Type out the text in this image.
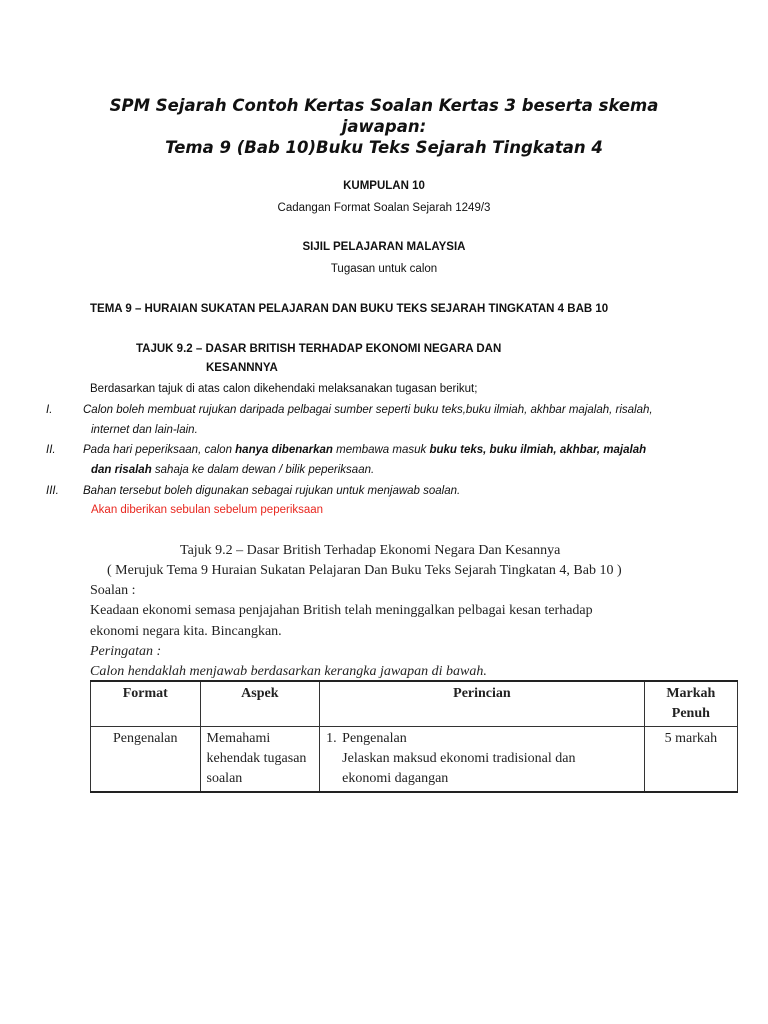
SPM Sejarah Contoh Kertas Soalan Kertas 3 beserta skema
jawapan:
Tema 9 (Bab 10)Buku Teks Sejarah Tingkatan 4
KUMPULAN 10
Cadangan Format Soalan Sejarah 1249/3
SIJIL PELAJARAN MALAYSIA
Tugasan untuk calon
TEMA 9 – HURAIAN SUKATAN PELAJARAN DAN BUKU TEKS SEJARAH TINGKATAN 4 BAB 10
TAJUK 9.2 – DASAR BRITISH TERHADAP EKONOMI NEGARA DAN
KESANNNYA
Berdasarkan tajuk di atas calon dikehendaki melaksanakan tugasan berikut;
I.	Calon boleh membuat rujukan daripada pelbagai sumber seperti buku teks,buku ilmiah, akhbar majalah, risalah,
internet dan lain-lain.
II. Pada hari peperiksaan, calon hanya dibenarkan membawa masuk buku teks, buku ilmiah, akhbar, majalah
dan risalah sahaja ke dalam dewan / bilik peperiksaan.
III. Bahan tersebut boleh digunakan sebagai rujukan untuk menjawab soalan.
Akan diberikan sebulan sebelum peperiksaan
Tajuk 9.2 – Dasar British Terhadap Ekonomi Negara Dan Kesannya
( Merujuk Tema 9 Huraian Sukatan Pelajaran Dan Buku Teks Sejarah Tingkatan 4, Bab 10 )
Soalan :
Keadaan ekonomi semasa penjajahan British telah meninggalkan pelbagai kesan terhadap
ekonomi negara kita. Bincangkan.
Peringatan :
Calon hendaklah menjawab berdasarkan kerangka jawapan di bawah.
Format	Aspek	Perincian	Markah
Penuh
Pengenalan	Memahami
kehendak tugasan
soalan	1. Pengenalan
Jelaskan maksud ekonomi tradisional dan
ekonomi dagangan	5 markah
